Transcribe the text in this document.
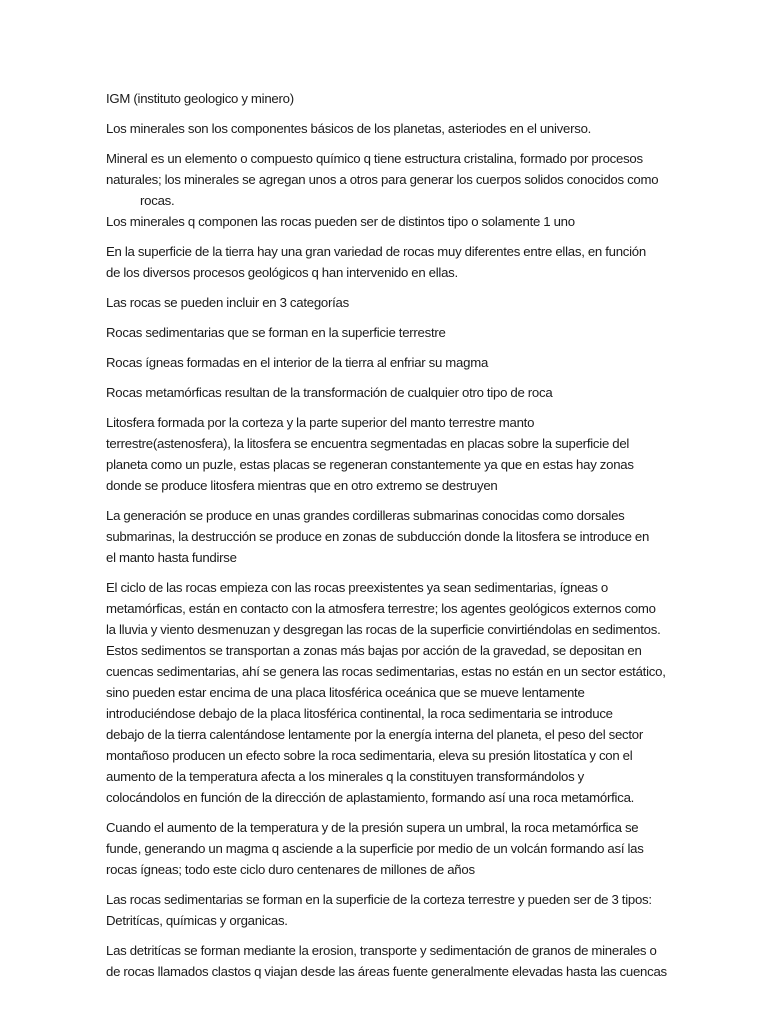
IGM (instituto geologico y minero)

Los minerales son los componentes básicos de los planetas, asteriodes en el universo.

Mineral es un elemento o compuesto químico q tiene estructura cristalina, formado por procesos
naturales; los minerales se agregan unos a otros para generar los cuerpos solidos conocidos como
rocas.
Los minerales q componen las rocas pueden ser de distintos tipo o solamente 1 uno

En la superficie de la tierra hay una gran variedad de rocas muy diferentes entre ellas, en función
de los diversos procesos geológicos q han intervenido en ellas.

Las rocas se pueden incluir en 3 categorías

Rocas sedimentarias que se forman en la superficie terrestre

Rocas ígneas formadas en el interior de la tierra al enfriar su magma

Rocas metamórficas resultan de la transformación de cualquier otro tipo de roca

Litosfera formada por la corteza y la parte superior del manto terrestre manto
terrestre(astenosfera), la litosfera se encuentra segmentadas en placas sobre la superficie del
planeta como un puzle, estas placas se regeneran constantemente ya que en estas hay zonas
donde se produce litosfera mientras que en otro extremo se destruyen

La generación se produce en unas grandes cordilleras submarinas conocidas como dorsales
submarinas, la destrucción se produce en zonas de subducción donde la litosfera se introduce en
el manto hasta fundirse

El ciclo de las rocas empieza con las rocas preexistentes ya sean sedimentarias, ígneas o
metamórficas, están en contacto con la atmosfera terrestre; los agentes geológicos externos como
la lluvia y viento desmenuzan y desgregan las rocas de la superficie convirtiéndolas en sedimentos.
Estos sedimentos se transportan a zonas más bajas por acción de la gravedad, se depositan en
cuencas sedimentarias, ahí se genera las rocas sedimentarias, estas no están en un sector estático,
sino pueden estar encima de una placa litosférica oceánica que se mueve lentamente
introduciéndose debajo de la placa litosférica continental, la roca sedimentaria se introduce
debajo de la tierra calentándose lentamente por la energía interna del planeta, el peso del sector
montañoso producen un efecto sobre la roca sedimentaria, eleva su presión litostatíca y con el
aumento de la temperatura afecta a los minerales q la constituyen transformándolos y
colocándolos en función de la dirección de aplastamiento, formando así una roca metamórfica.

Cuando el aumento de la temperatura y de la presión supera un umbral, la roca metamórfica se
funde, generando un magma q asciende a la superficie por medio de un volcán formando así las
rocas ígneas; todo este ciclo duro centenares de millones de años

Las rocas sedimentarias se forman en la superficie de la corteza terrestre y pueden ser de 3 tipos:
Detritícas, químicas y organicas.

Las detritícas se forman mediante la erosion, transporte y sedimentación de granos de minerales o
de rocas llamados clastos q viajan desde las áreas fuente generalmente elevadas hasta las cuencas
